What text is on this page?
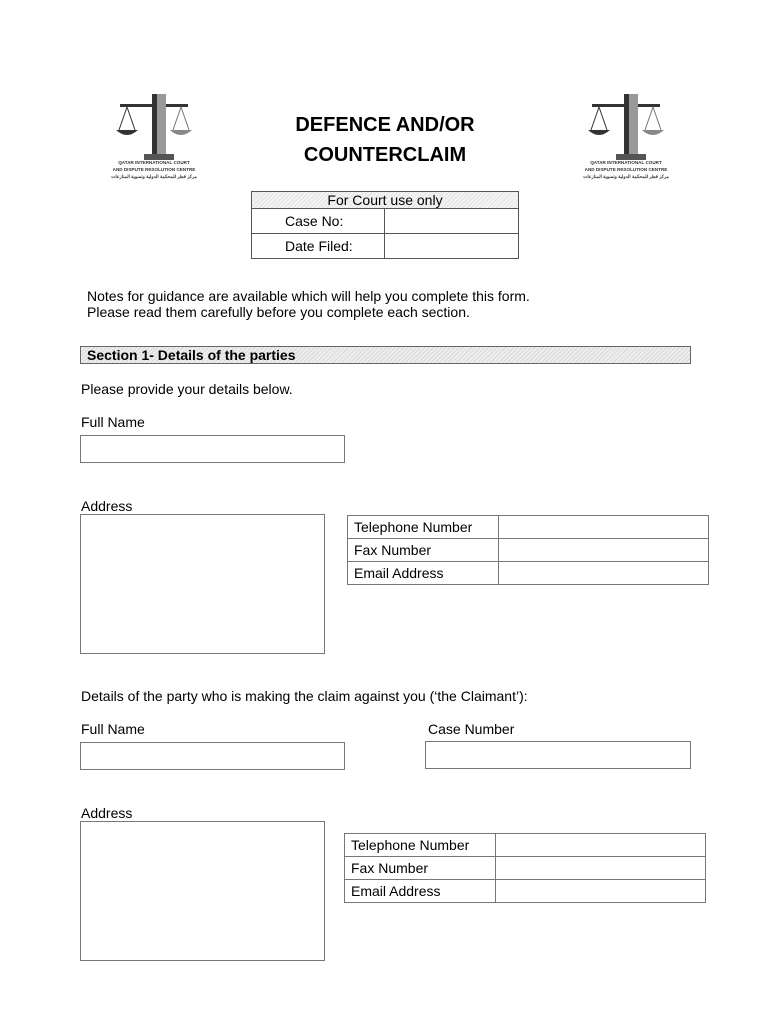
QATAR INTERNATIONAL COURT
AND DISPUTE RESOLUTION CENTRE
مركز قطر للمحكمة الدولية وتسوية المنازعات
QATAR INTERNATIONAL COURT
AND DISPUTE RESOLUTION CENTRE
مركز قطر للمحكمة الدولية وتسوية المنازعات
DEFENCE AND/OR
COUNTERCLAIM
For Court use only	
Case No:	
Date Filed:	
Notes for guidance are available which will help you complete this form.
Please read them carefully before you complete each section.
Section 1- Details of the parties
Please provide your details below.
Full Name
Address
Telephone Number	
Fax Number	
Email Address	
Details of the party who is making the claim against you (‘the Claimant’):
Full Name	Case Number
Address
Telephone Number	
Fax Number	
Email Address	
